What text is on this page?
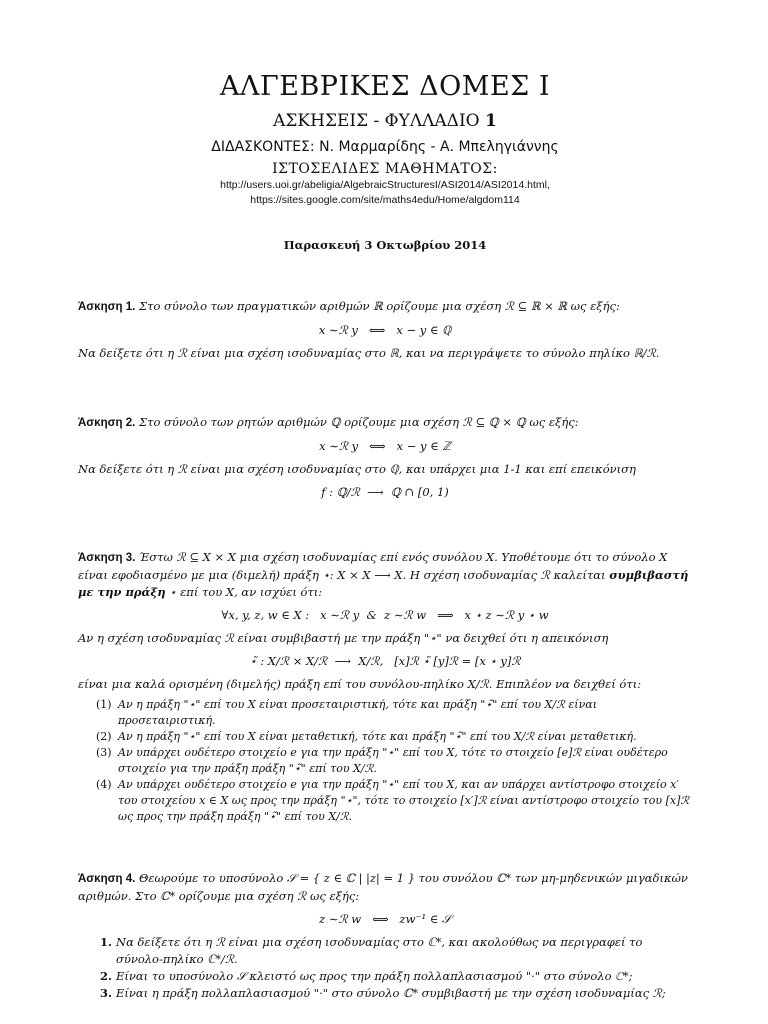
ΑΛΓΕΒΡΙΚΕΣ ΔΟΜΕΣ Ι
ΑΣΚΗΣΕΙΣ - ΦΥΛΛΑΔΙΟ 1
ΔΙΔΑΣΚΟΝΤΕΣ: Ν. Μαρμαρίδης - Α. Μπεληγιάννης
ΙΣΤΟΣΕΛΙΔΕΣ ΜΑΘΗΜΑΤΟΣ:
http://users.uoi.gr/abeligia/AlgebraicStructuresI/ASI2014/ASI2014.html,
https://sites.google.com/site/maths4edu/Home/algdom114
Παρασκευή 3 Οκτωβρίου 2014
Άσκηση 1. Στο σύνολο των πραγματικών αριθμών ℝ ορίζουμε μια σχέση ℛ ⊆ ℝ × ℝ ως εξής:
x ∼ℛ y   ⟺   x − y ∈ ℚ
Να δείξετε ότι η ℛ είναι μια σχέση ισοδυναμίας στο ℝ, και να περιγράψετε το σύνολο πηλίκο ℝ/ℛ.
Άσκηση 2. Στο σύνολο των ρητών αριθμών ℚ ορίζουμε μια σχέση ℛ ⊆ ℚ × ℚ ως εξής:
x ∼ℛ y   ⟺   x − y ∈ ℤ
Να δείξετε ότι η ℛ είναι μια σχέση ισοδυναμίας στο ℚ, και υπάρχει μια 1-1 και επί επεικόνιση
f : ℚ/ℛ  ⟶  ℚ ∩ [0, 1)
Άσκηση 3. Έστω ℛ ⊆ X × X μια σχέση ισοδυναμίας επί ενός συνόλου X. Υποθέτουμε ότι το σύνολο X είναι εφοδιασμένο με μια (διμελή) πράξη ⋆: X × X ⟶ X. Η σχέση ισοδυναμίας ℛ καλείται συμβιβαστή με την πράξη ⋆ επί του X, αν ισχύει ότι:
∀x, y, z, w ∈ X :   x ∼ℛ y  &  z ∼ℛ w   ⟹   x ⋆ z ∼ℛ y ⋆ w
Αν η σχέση ισοδυναμίας ℛ είναι συμβιβαστή με την πράξη "⋆" να δειχθεί ότι η απεικόνιση
⋆̃ : X/ℛ × X/ℛ  ⟶  X/ℛ,   [x]ℛ ⋆̃ [y]ℛ = [x ⋆ y]ℛ
είναι μια καλά ορισμένη (διμελής) πράξη επί του συνόλου-πηλίκο X/ℛ. Επιπλέον να δειχθεί ότι:
(1) Αν η πράξη "⋆" επί του X είναι προσεταιριστική, τότε και πράξη "⋆̃" επί του X/ℛ είναι προσεταιριστική.
(2) Αν η πράξη "⋆" επί του X είναι μεταθετική, τότε και πράξη "⋆̃" επί του X/ℛ είναι μεταθετική.
(3) Αν υπάρχει ουδέτερο στοιχείο e για την πράξη "⋆" επί του X, τότε το στοιχείο [e]ℛ είναι ουδέτερο στοιχείο για την πράξη πράξη "⋆̃" επί του X/ℛ.
(4) Αν υπάρχει ουδέτερο στοιχείο e για την πράξη "⋆" επί του X, και αν υπάρχει αντίστροφο στοιχείο x′ του στοιχείου x ∈ X ως προς την πράξη "⋆", τότε το στοιχείο [x′]ℛ είναι αντίστροφο στοιχείο του [x]ℛ ως προς την πράξη πράξη "⋆̃" επί του X/ℛ.
Άσκηση 4. Θεωρούμε το υποσύνολο 𝒮 = { z ∈ ℂ | |z| = 1 } του συνόλου ℂ* των μη-μηδενικών μιγαδικών αριθμών. Στο ℂ* ορίζουμε μια σχέση ℛ ως εξής:
z ∼ℛ w   ⟺   zw⁻¹ ∈ 𝒮
1. Να δείξετε ότι η ℛ είναι μια σχέση ισοδυναμίας στο ℂ*, και ακολούθως να περιγραφεί το σύνολο-πηλίκο ℂ*/ℛ.
2. Είναι το υποσύνολο 𝒮 κλειστό ως προς την πράξη πολλαπλασιασμού "·" στο σύνολο ℂ*;
3. Είναι η πράξη πολλαπλασιασμού "·" στο σύνολο ℂ* συμβιβαστή με την σχέση ισοδυναμίας ℛ;
